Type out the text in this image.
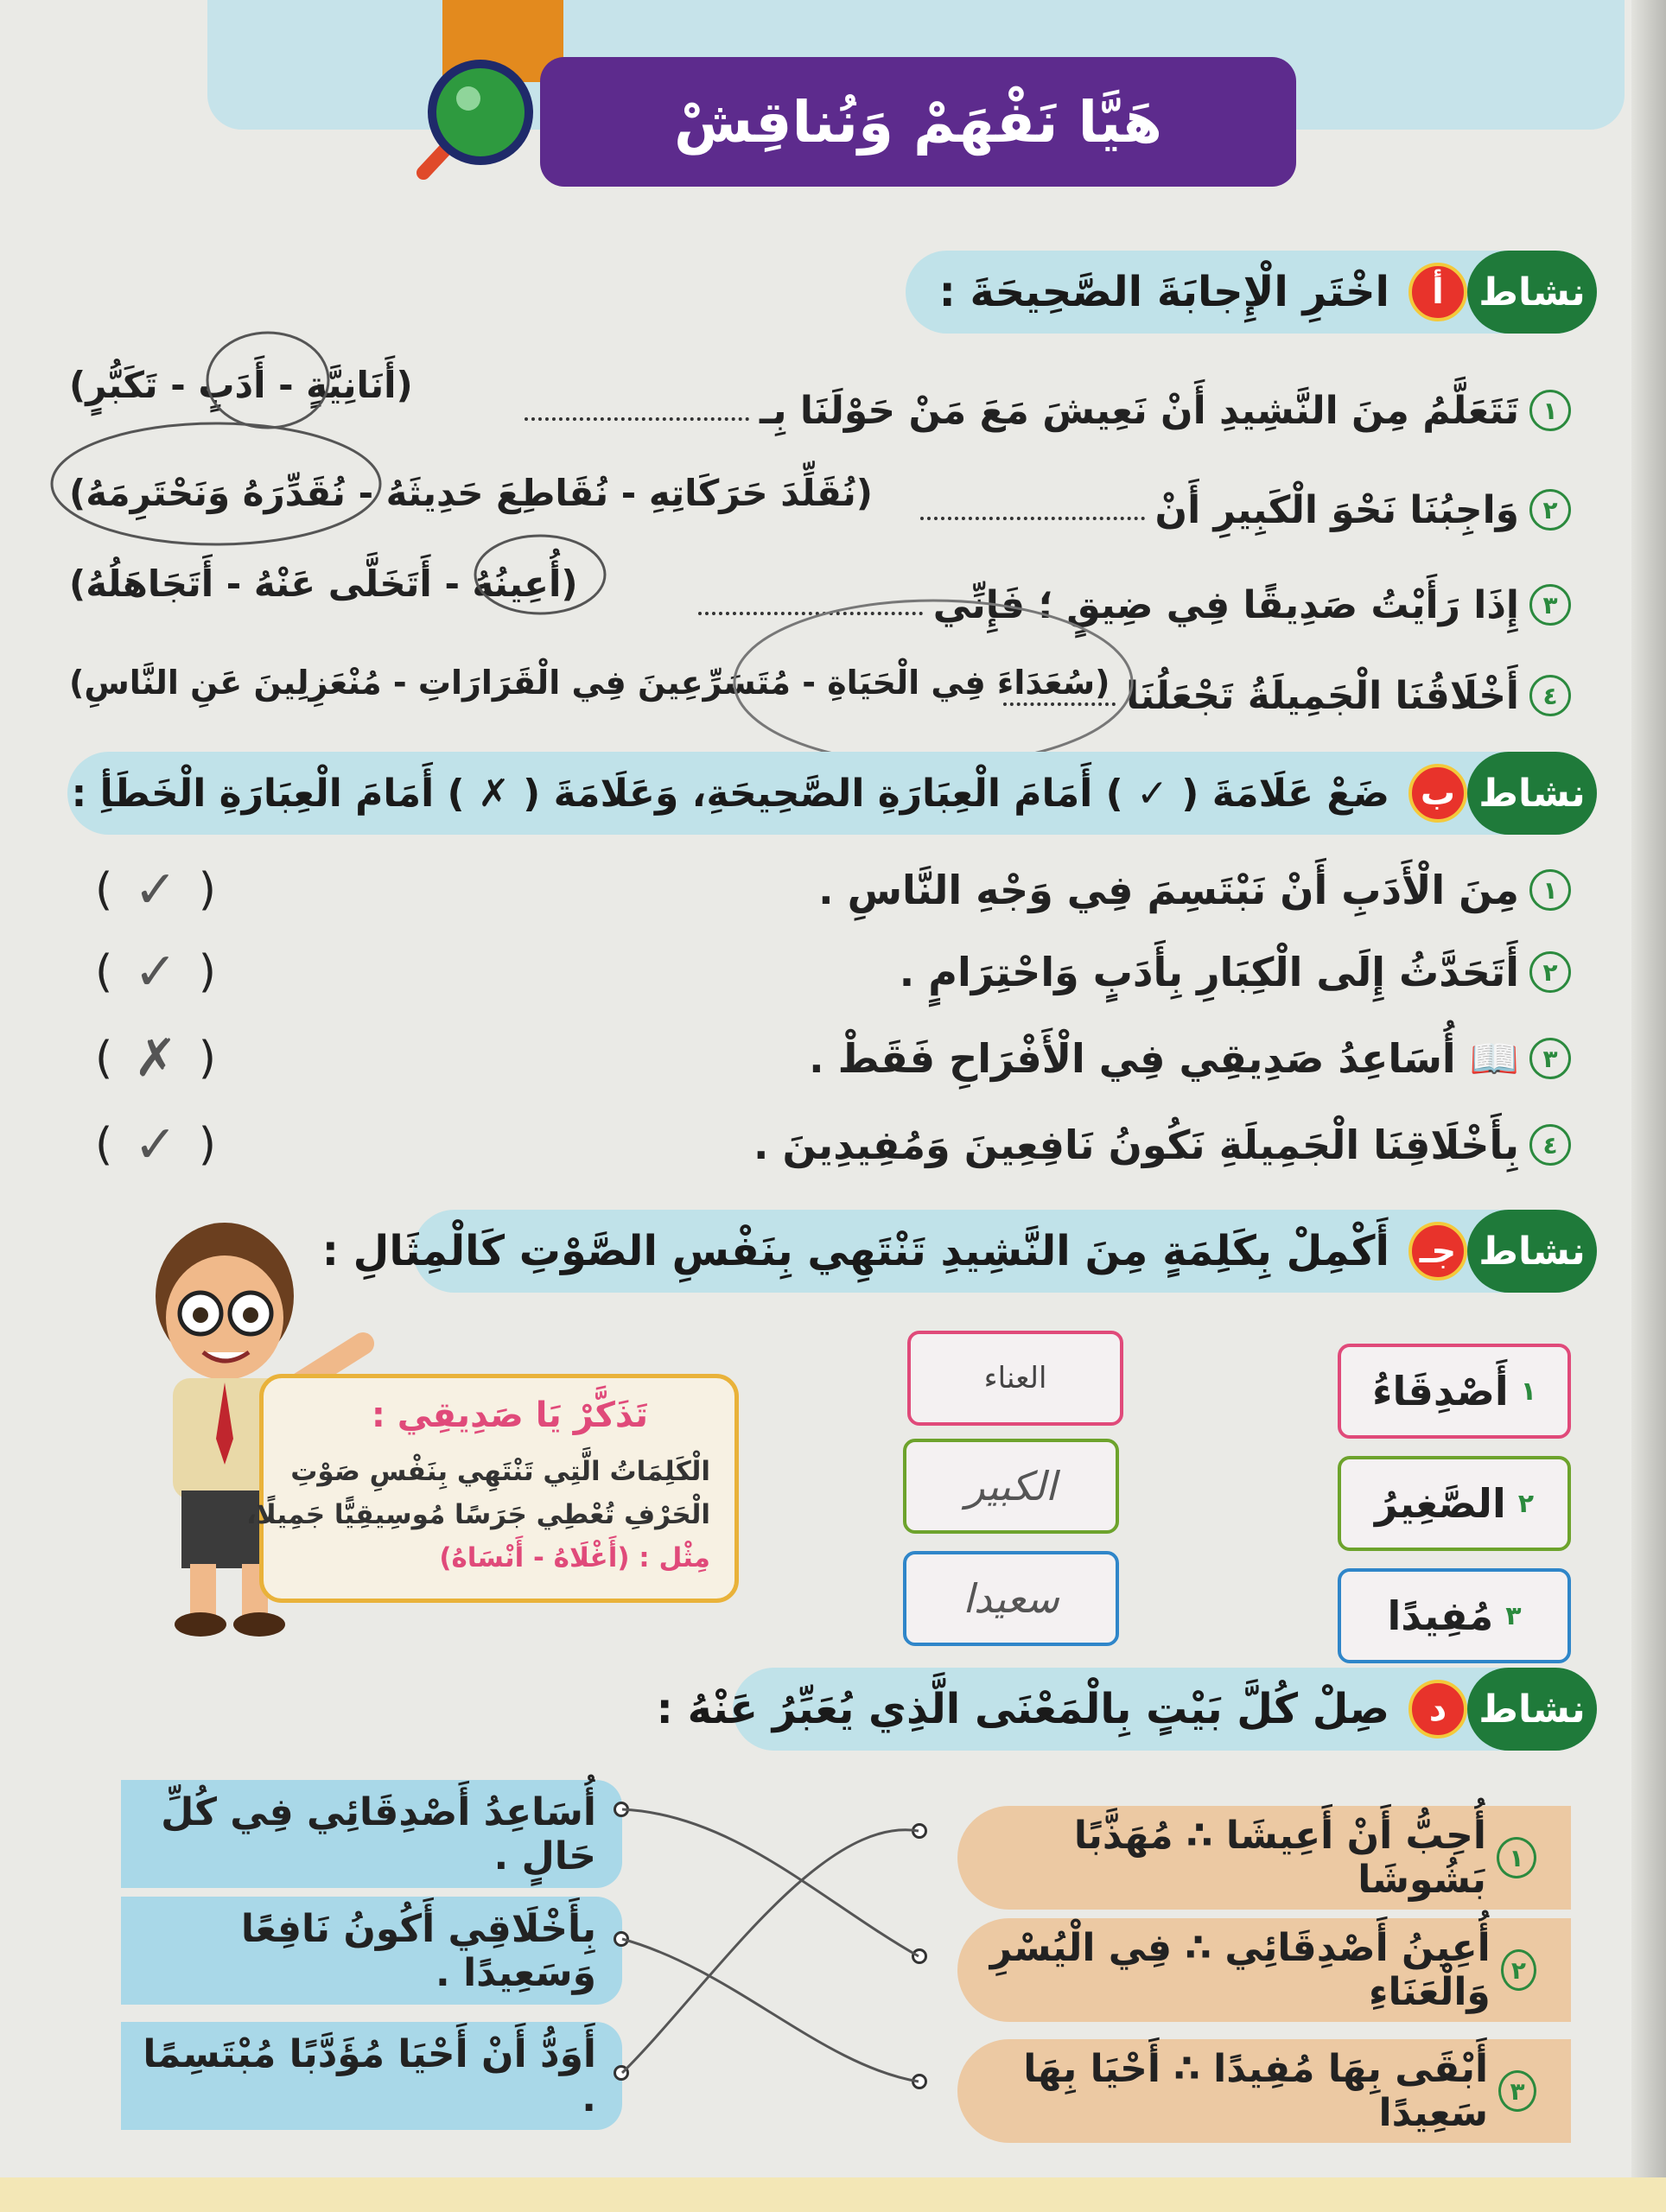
هَيَّا نَفْهَمْ وَنُناقِشْ
نشاط
أ
اخْتَرِ الْإِجابَةَ الصَّحِيحَةَ :
١
تَتَعَلَّمُ مِنَ النَّشِيدِ أَنْ نَعِيشَ مَعَ مَنْ حَوْلَنَا بِـ
(أَنَانِيَّةٍ - أَدَبٍ - تَكَبُّرٍ)
٢
وَاجِبُنَا نَحْوَ الْكَبِيرِ أَنْ
(نُقَلِّدَ حَرَكَاتِهِ - نُقَاطِعَ حَدِيثَهُ - نُقَدِّرَهُ وَنَحْتَرِمَهُ)
٣
إِذَا رَأَيْتُ صَدِيقًا فِي ضِيقٍ ؛ فَإِنِّي
(أُعِينُهُ - أَتَخَلَّى عَنْهُ - أَتَجَاهَلُهُ)
٤
أَخْلَاقُنَا الْجَمِيلَةُ تَجْعَلُنَا
(سُعَدَاءَ فِي الْحَيَاةِ - مُتَسَرِّعِينَ فِي الْقَرَارَاتِ - مُنْعَزِلِينَ عَنِ النَّاسِ)
نشاط
ب
ضَعْ عَلَامَةَ ( ✓ ) أَمَامَ الْعِبَارَةِ الصَّحِيحَةِ، وَعَلَامَةَ ( ✗ ) أَمَامَ الْعِبَارَةِ الْخَطَأِ :
١
مِنَ الْأَدَبِ أَنْ نَبْتَسِمَ فِي وَجْهِ النَّاسِ .
(
✓
)
٢
أَتَحَدَّثُ إِلَى الْكِبَارِ بِأَدَبٍ وَاحْتِرَامٍ .
(
✓
)
٣
📖 أُسَاعِدُ صَدِيقِي فِي الْأَفْرَاحِ فَقَطْ .
(
✗
)
٤
بِأَخْلَاقِنَا الْجَمِيلَةِ نَكُونُ نَافِعِينَ وَمُفِيدِينَ .
(
✓
)
نشاط
جـ
أَكْمِلْ بِكَلِمَةٍ مِنَ النَّشِيدِ تَنْتَهِي بِنَفْسِ الصَّوْتِ كَالْمِثَالِ :
١
أَصْدِقَاءُ
٢
الصَّغِيرُ
٣
مُفِيدًا
العناء
الكبير
سعيدا
تَذَكَّرْ يَا صَدِيقِي :
الْكَلِمَاتُ الَّتِي تَنْتَهِي بِنَفْسِ صَوْتِ
الْحَرْفِ تُعْطِي جَرَسًا مُوسِيقِيًّا جَمِيلًا،
مِثْل : (أَغْلَاهُ - أَنْسَاهُ)
نشاط
د
صِلْ كُلَّ بَيْتٍ بِالْمَعْنَى الَّذِي يُعَبِّرُ عَنْهُ :
١
أُحِبُّ أَنْ أَعِيشَا ∴ مُهَذَّبًا بَشُوشَا
٢
أُعِينُ أَصْدِقَائِي ∴ فِي الْيُسْرِ وَالْعَنَاءِ
٣
أَبْقَى بِهَا مُفِيدًا ∴ أَحْيَا بِهَا سَعِيدًا
أُسَاعِدُ أَصْدِقَائِي فِي كُلِّ حَالٍ .
بِأَخْلَاقِي أَكُونُ نَافِعًا وَسَعِيدًا .
أَوَدُّ أَنْ أَحْيَا مُؤَدَّبًا مُبْتَسِمًا .
